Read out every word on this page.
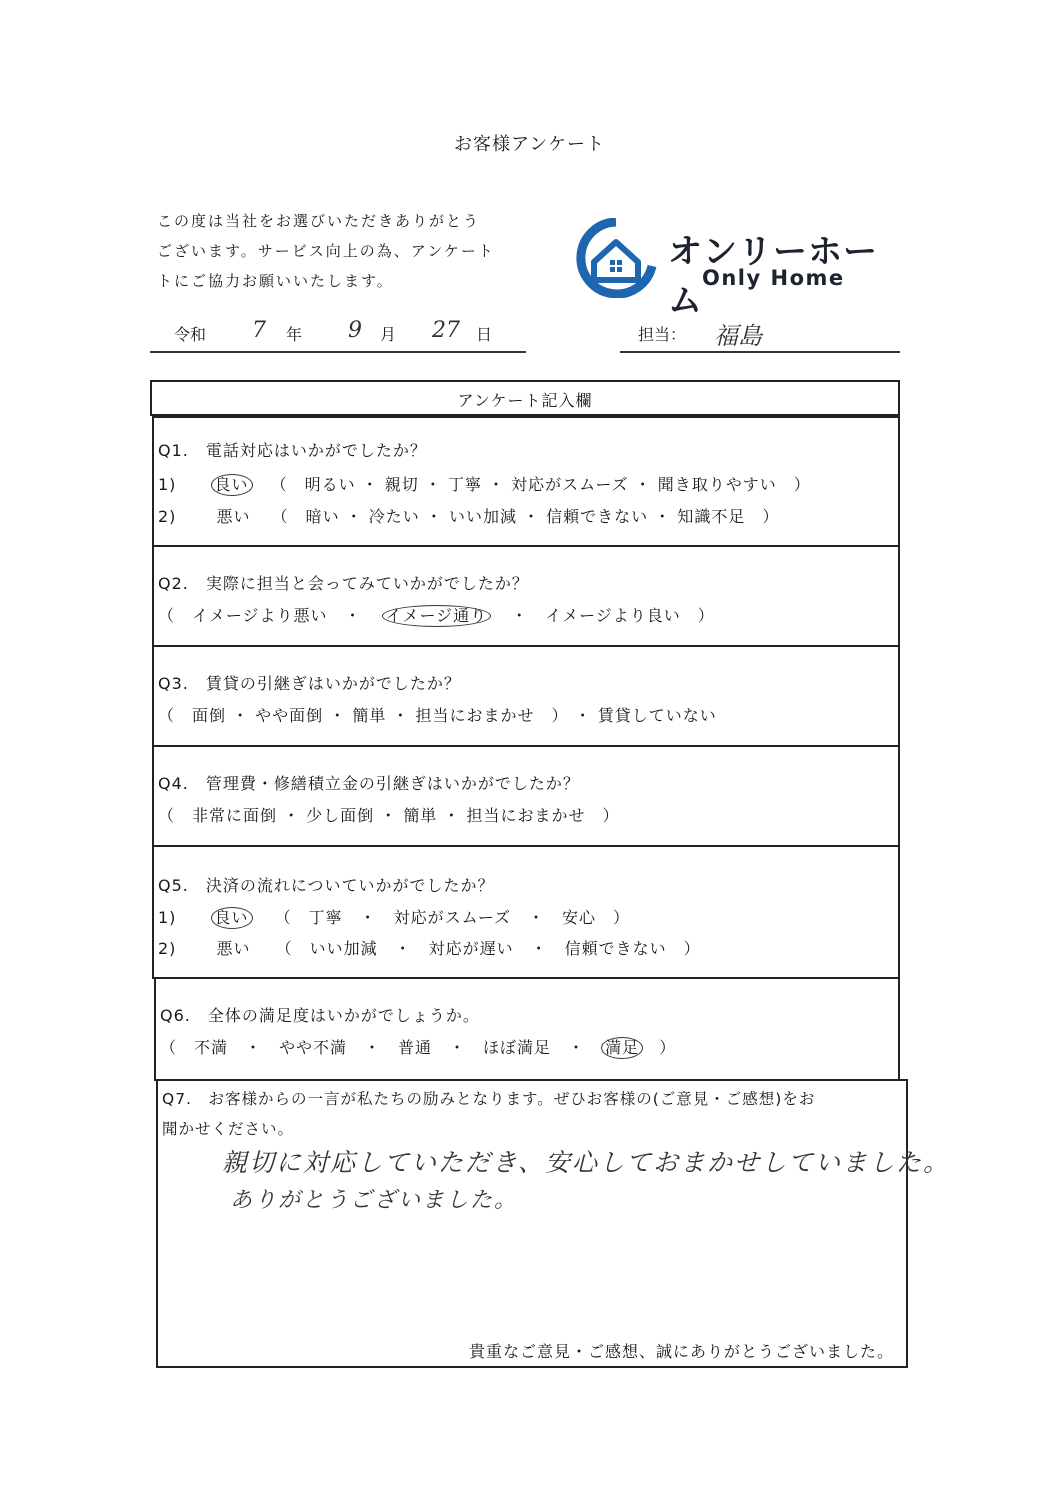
お客様アンケート
この度は当社をお選びいただきありがとう
ございます。サービス向上の為、アンケート
トにご協力お願いいたします。
オンリーホーム
Only Home
令和 7 年 9 月 27 日	担当： 福島
アンケート記入欄
Q1.　電話対応はいかがでしたか？
1) 良い （　明るい ・ 親切 ・ 丁寧 ・ 対応がスムーズ ・ 聞き取りやすい　）
2)	悪い （　暗い ・ 冷たい ・ いい加減 ・ 信頼できない ・ 知識不足　）
Q2.　実際に担当と会ってみていかがでしたか？
（　イメージより悪い　・ イメージ通り ・　イメージより良い　）
Q3.　賃貸の引継ぎはいかがでしたか？
（　面倒 ・ やや面倒 ・ 簡単 ・ 担当におまかせ　） ・ 賃貸していない
Q4.　管理費・修繕積立金の引継ぎはいかがでしたか？
（　非常に面倒 ・ 少し面倒 ・ 簡単 ・ 担当におまかせ　）
Q5.　決済の流れについていかがでしたか？
1) 良い （　丁寧　・　対応がスムーズ　・　安心　）
2)	悪い （　いい加減　・　対応が遅い　・　信頼できない　）
Q6.　全体の満足度はいかがでしょうか。
（　不満　・　やや不満　・　普通　・　ほぼ満足　・ 満足 ）
Q7.　お客様からの一言が私たちの励みとなります。ぜひお客様の(ご意見・ご感想)をお
聞かせください。
親切に対応していただき、安心しておまかせしていました。
ありがとうございました。
貴重なご意見・ご感想、誠にありがとうございました。
